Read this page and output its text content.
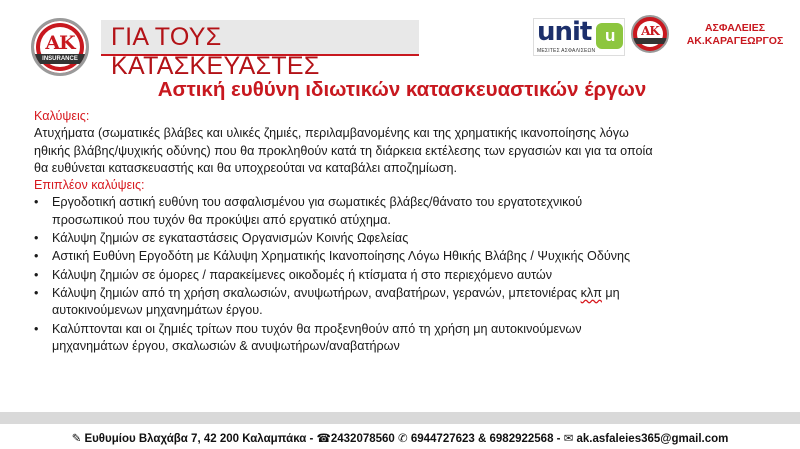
ΑΚ
INSURANCE
ΓΙΑ ΤΟΥΣ ΚΑΤΑΣΚΕΥΑΣΤΕΣ
unit u
ΜΕΣΙΤΕΣ ΑΣΦΑΛΙΣΕΩΝ
ΑΚ	ΑΣΦΑΛΕΙΕΣ
ΑΚ.ΚΑΡΑΓΕΩΡΓΟΣ
Αστική ευθύνη ιδιωτικών κατασκευαστικών έργων
Καλύψεις:
Ατυχήματα (σωματικές βλάβες και υλικές ζημιές, περιλαμβανομένης και της χρηματικής ικανοποίησης λόγω
ηθικής βλάβης/ψυχικής οδύνης) που θα προκληθούν κατά τη διάρκεια εκτέλεσης των εργασιών και για τα οποία
θα ευθύνεται κατασκευαστής και θα υποχρεούται να καταβάλει αποζημίωση.
Επιπλέον καλύψεις:
• Εργοδοτική αστική ευθύνη του ασφαλισμένου για σωματικές βλάβες/θάνατο του εργατοτεχνικού
προσωπικού που τυχόν θα προκύψει από εργατικό ατύχημα.
• Κάλυψη ζημιών σε εγκαταστάσεις Οργανισμών Κοινής Ωφελείας
• Αστική Ευθύνη Εργοδότη με Κάλυψη Χρηματικής Ικανοποίησης Λόγω Ηθικής Βλάβης / Ψυχικής Οδύνης
• Κάλυψη ζημιών σε όμορες / παρακείμενες οικοδομές ή κτίσματα ή στο περιεχόμενο αυτών
• Κάλυψη ζημιών από τη χρήση σκαλωσιών, ανυψωτήρων, αναβατήρων, γερανών, μπετονιέρας κλπ μη
αυτοκινούμενων μηχανημάτων έργου.
• Καλύπτονται και οι ζημιές τρίτων που τυχόν θα προξενηθούν από τη χρήση μη αυτοκινούμενων
μηχανημάτων έργου, σκαλωσιών & ανυψωτήρων/αναβατήρων
✎ Ευθυμίου Βλαχάβα 7, 42 200 Καλαμπάκα - ☎2432078560 ✆ 6944727623 & 6982922568 - ✉ ak.asfaleies365@gmail.com
